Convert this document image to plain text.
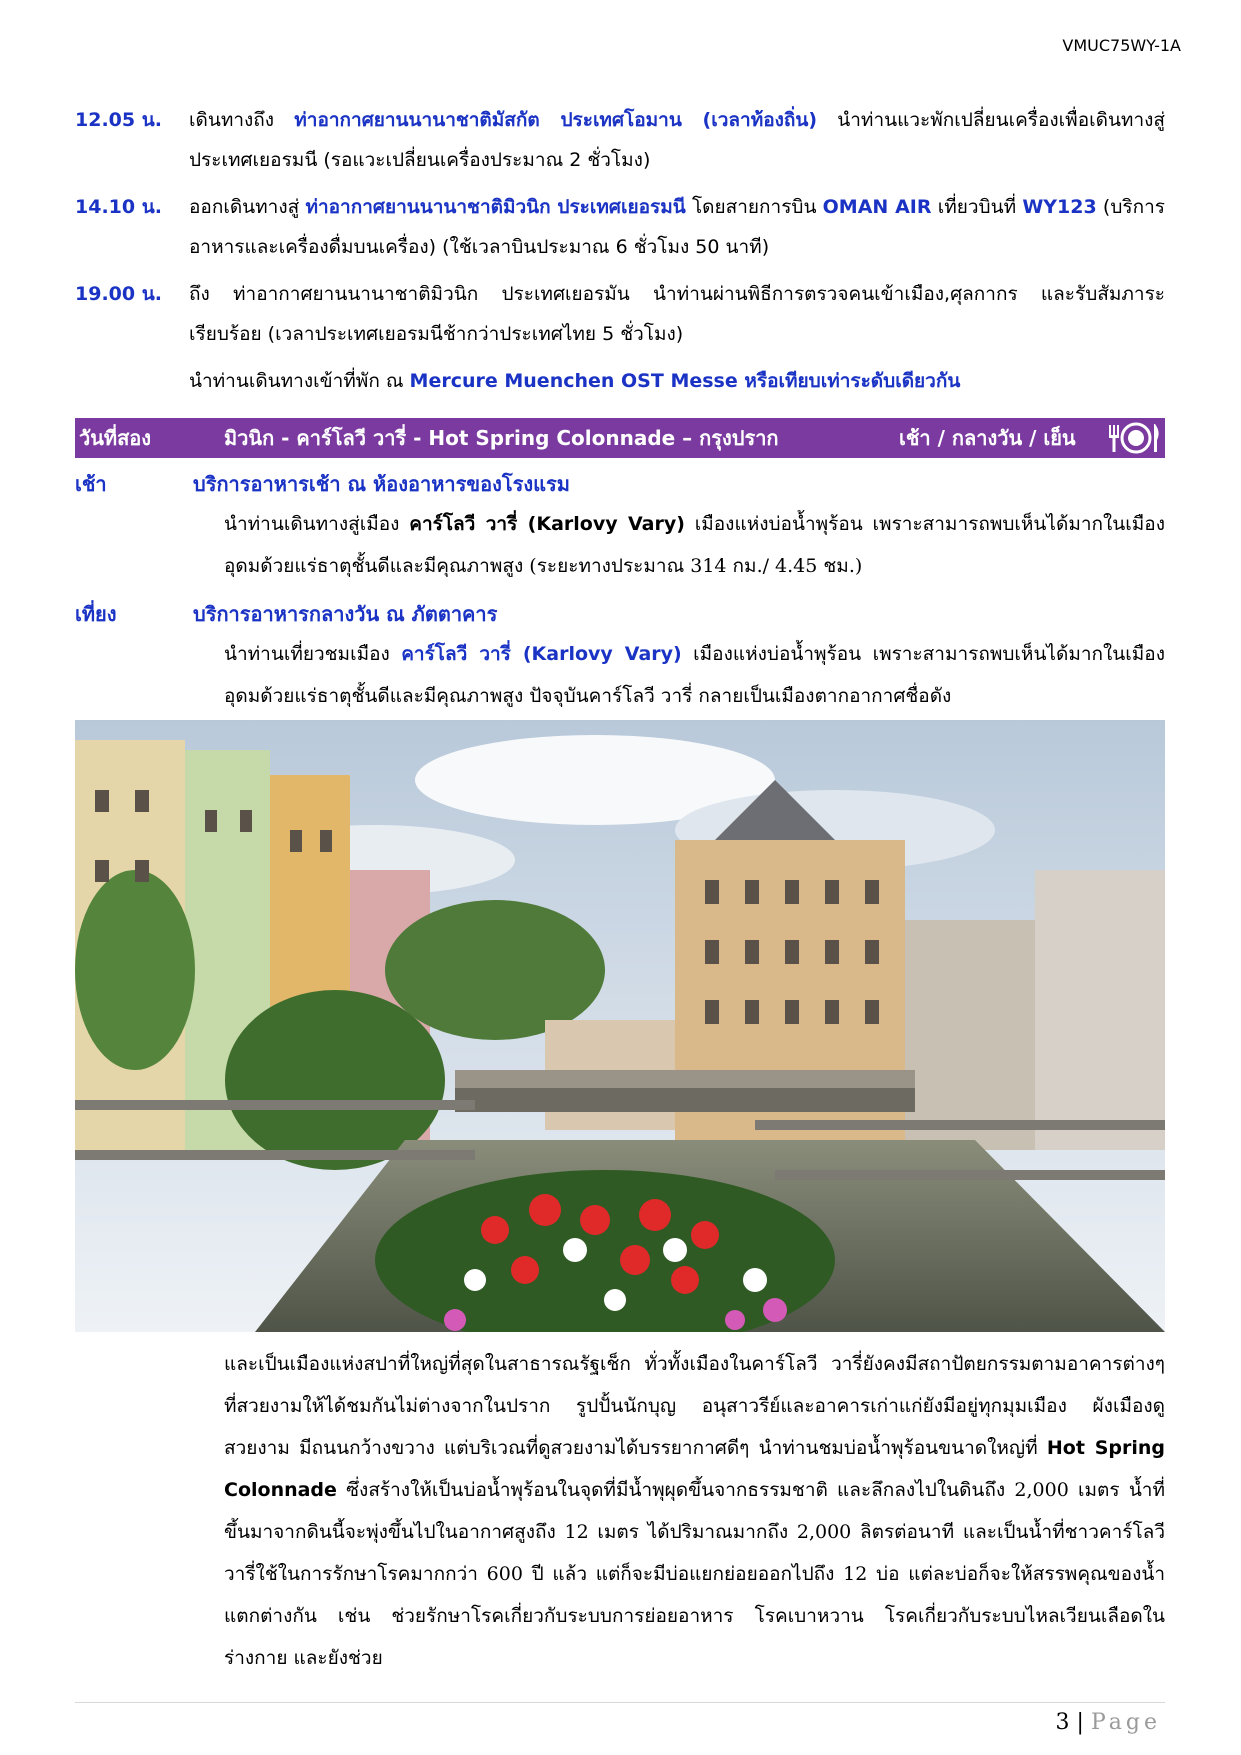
VMUC75WY-1A
12.05 น.	เดินทางถึง ท่าอากาศยานนานาชาติมัสกัต ประเทศโอมาน (เวลาท้องถิ่น) นำท่านแวะพักเปลี่ยนเครื่องเพื่อเดินทางสู่ประเทศเยอรมนี (รอแวะเปลี่ยนเครื่องประมาณ 2 ชั่วโมง)
14.10 น.	ออกเดินทางสู่ ท่าอากาศยานนานาชาติมิวนิก ประเทศเยอรมนี โดยสายการบิน OMAN AIR เที่ยวบินที่ WY123 (บริการอาหารและเครื่องดื่มบนเครื่อง) (ใช้เวลาบินประมาณ 6 ชั่วโมง 50 นาที)
19.00 น.	ถึง ท่าอากาศยานนานาชาติมิวนิก ประเทศเยอรมัน นำท่านผ่านพิธีการตรวจคนเข้าเมือง,ศุลกากร และรับสัมภาระเรียบร้อย (เวลาประเทศเยอรมนีช้ากว่าประเทศไทย 5 ชั่วโมง)
นำท่านเดินทางเข้าที่พัก ณ Mercure Muenchen OST Messe หรือเทียบเท่าระดับเดียวกัน
วันที่สอง	มิวนิก - คาร์โลวี วารี่ - Hot Spring Colonnade – กรุงปราก	เช้า / กลางวัน / เย็น
เช้า	บริการอาหารเช้า ณ ห้องอาหารของโรงแรม
นำท่านเดินทางสู่เมือง คาร์โลวี วารี่ (Karlovy Vary) เมืองแห่งบ่อน้ำพุร้อน เพราะสามารถพบเห็นได้มากในเมือง อุดมด้วยแร่ธาตุชั้นดีและมีคุณภาพสูง (ระยะทางประมาณ 314 กม./ 4.45 ชม.)
เที่ยง	บริการอาหารกลางวัน ณ ภัตตาคาร
นำท่านเที่ยวชมเมือง คาร์โลวี วารี่ (Karlovy Vary) เมืองแห่งบ่อน้ำพุร้อน เพราะสามารถพบเห็นได้มากในเมือง อุดมด้วยแร่ธาตุชั้นดีและมีคุณภาพสูง ปัจจุบันคาร์โลวี วารี่ กลายเป็นเมืองตากอากาศชื่อดัง
และเป็นเมืองแห่งสปาที่ใหญ่ที่สุดในสาธารณรัฐเช็ก ทั่วทั้งเมืองในคาร์โลวี วารี่ยังคงมีสถาปัตยกรรมตามอาคารต่างๆ ที่สวยงามให้ได้ชมกันไม่ต่างจากในปราก รูปปั้นนักบุญ อนุสาวรีย์และอาคารเก่าแก่ยังมีอยู่ทุกมุมเมือง ผังเมืองดูสวยงาม มีถนนกว้างขวาง แต่บริเวณที่ดูสวยงามได้บรรยากาศดีๆ นำท่านชมบ่อน้ำพุร้อนขนาดใหญ่ที่ Hot Spring Colonnade ซึ่งสร้างให้เป็นบ่อน้ำพุร้อนในจุดที่มีน้ำพุผุดขึ้นจากธรรมชาติ และลึกลงไปในดินถึง 2,000 เมตร น้ำที่ขึ้นมาจากดินนี้จะพุ่งขึ้นไปในอากาศสูงถึง 12 เมตร ได้ปริมาณมากถึง 2,000 ลิตรต่อนาที และเป็นน้ำที่ชาวคาร์โลวี วารี่ใช้ในการรักษาโรคมากกว่า 600 ปี แล้ว แต่ก็จะมีบ่อแยกย่อยออกไปถึง 12 บ่อ แต่ละบ่อก็จะให้สรรพคุณของน้ำแตกต่างกัน เช่น ช่วยรักษาโรคเกี่ยวกับระบบการย่อยอาหาร โรคเบาหวาน โรคเกี่ยวกับระบบไหลเวียนเลือดในร่างกาย และยังช่วย
3 | Page
